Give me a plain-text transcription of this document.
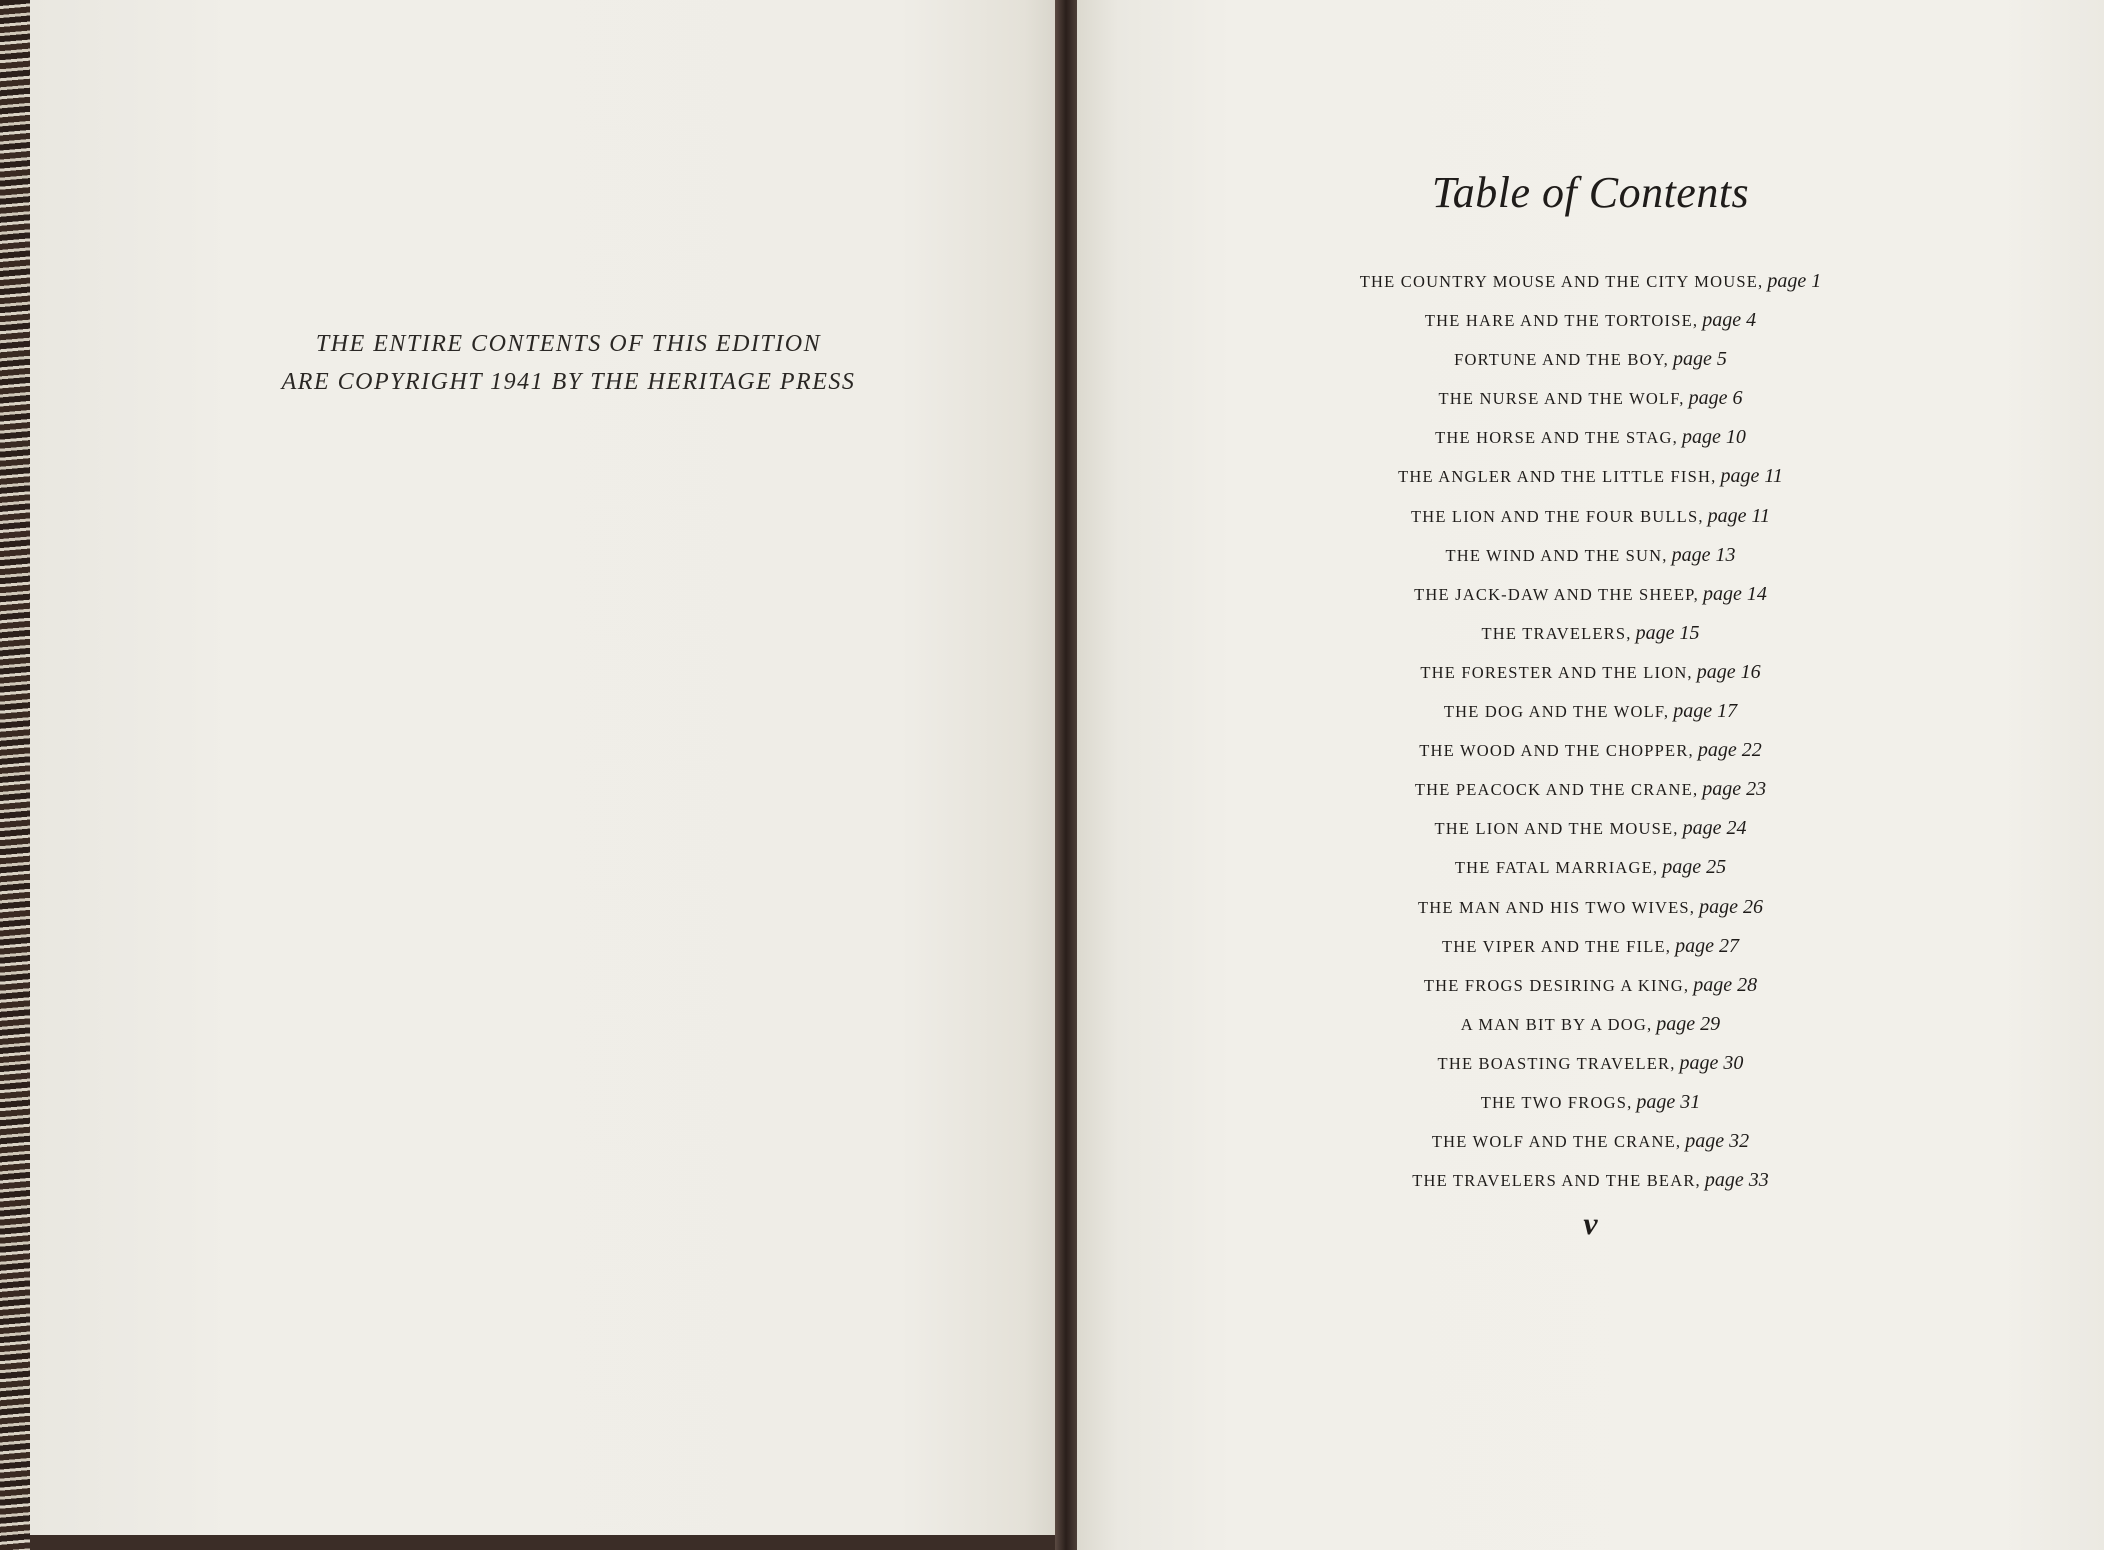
THE ENTIRE CONTENTS OF THIS EDITION
ARE COPYRIGHT 1941 BY THE HERITAGE PRESS
Table of Contents
THE COUNTRY MOUSE AND THE CITY MOUSE, page 1
THE HARE AND THE TORTOISE, page 4
FORTUNE AND THE BOY, page 5
THE NURSE AND THE WOLF, page 6
THE HORSE AND THE STAG, page 10
THE ANGLER AND THE LITTLE FISH, page 11
THE LION AND THE FOUR BULLS, page 11
THE WIND AND THE SUN, page 13
THE JACK-DAW AND THE SHEEP, page 14
THE TRAVELERS, page 15
THE FORESTER AND THE LION, page 16
THE DOG AND THE WOLF, page 17
THE WOOD AND THE CHOPPER, page 22
THE PEACOCK AND THE CRANE, page 23
THE LION AND THE MOUSE, page 24
THE FATAL MARRIAGE, page 25
THE MAN AND HIS TWO WIVES, page 26
THE VIPER AND THE FILE, page 27
THE FROGS DESIRING A KING, page 28
A MAN BIT BY A DOG, page 29
THE BOASTING TRAVELER, page 30
THE TWO FROGS, page 31
THE WOLF AND THE CRANE, page 32
THE TRAVELERS AND THE BEAR, page 33
v
